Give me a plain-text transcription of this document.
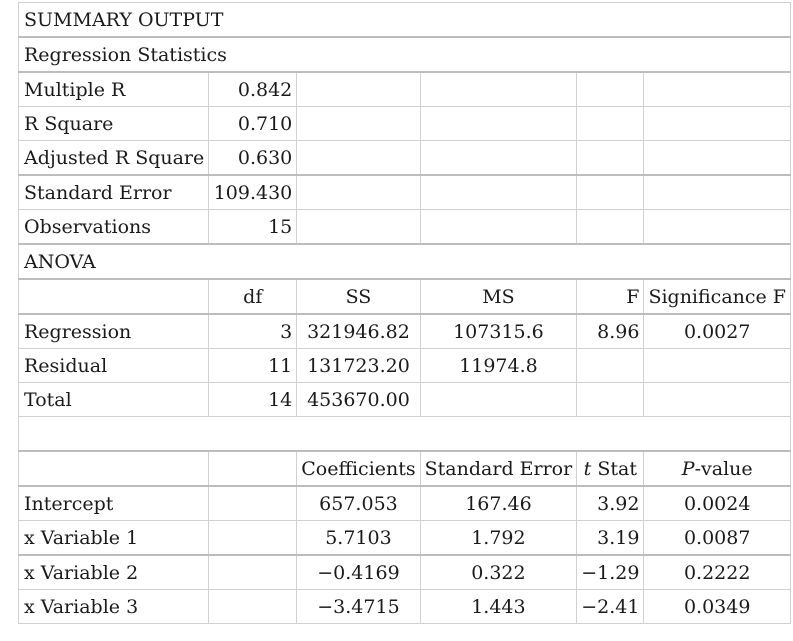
SUMMARY OUTPUT					
Regression Statistics					
Multiple R	0.842				
R Square	0.710				
Adjusted R Square	0.630				
Standard Error	109.430				
Observations	15				
ANOVA					
	df	SS	MS	F	Significance F
Regression	3	321946.82	107315.6	8.96	0.0027
Residual	11	131723.20	11974.8		
Total	14	453670.00			

		Coefficients	Standard Error	t Stat	P-value
Intercept		657.053	167.46	3.92	0.0024
x Variable 1		5.7103	1.792	3.19	0.0087
x Variable 2		−0.4169	0.322	−1.29	0.2222
x Variable 3		−3.4715	1.443	−2.41	0.0349
